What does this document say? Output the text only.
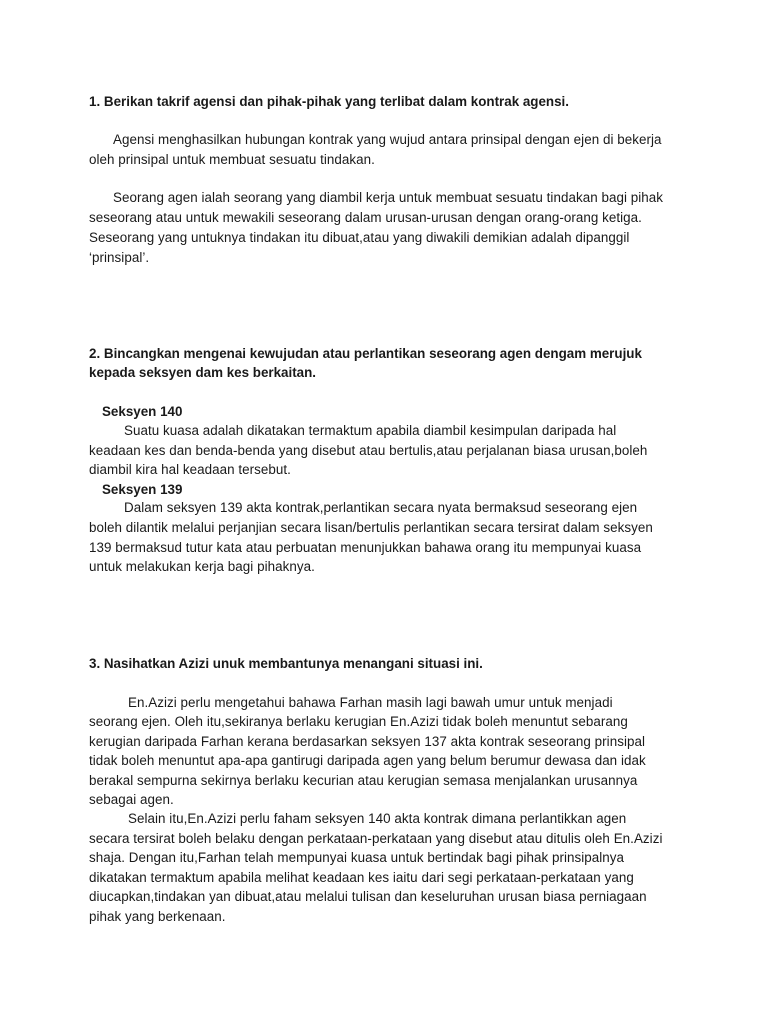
1. Berikan takrif agensi dan pihak-pihak yang terlibat dalam kontrak agensi.
Agensi menghasilkan hubungan kontrak yang wujud antara prinsipal dengan ejen di bekerja
oleh prinsipal untuk membuat sesuatu tindakan.
Seorang agen ialah seorang yang diambil kerja untuk membuat sesuatu tindakan bagi pihak
seseorang atau untuk mewakili seseorang dalam urusan-urusan dengan orang-orang ketiga.
Seseorang yang untuknya tindakan itu dibuat,atau yang diwakili demikian adalah dipanggil
‘prinsipal’.
2. Bincangkan mengenai kewujudan atau perlantikan seseorang agen dengam merujuk
kepada seksyen dam kes berkaitan.
Seksyen 140
Suatu kuasa adalah dikatakan termaktum apabila diambil kesimpulan daripada hal
keadaan kes dan benda-benda yang disebut atau bertulis,atau perjalanan biasa urusan,boleh
diambil kira hal keadaan tersebut.
Seksyen 139
Dalam seksyen 139 akta kontrak,perlantikan secara nyata bermaksud seseorang ejen
boleh dilantik melalui perjanjian secara lisan/bertulis perlantikan secara tersirat dalam seksyen
139 bermaksud tutur kata atau perbuatan menunjukkan bahawa orang itu mempunyai kuasa
untuk melakukan kerja bagi pihaknya.
3. Nasihatkan Azizi unuk membantunya menangani situasi ini.
En.Azizi perlu mengetahui bahawa Farhan masih lagi bawah umur untuk menjadi
seorang ejen. Oleh itu,sekiranya berlaku kerugian En.Azizi tidak boleh menuntut sebarang
kerugian daripada Farhan kerana berdasarkan seksyen 137 akta kontrak seseorang prinsipal
tidak boleh menuntut apa-apa gantirugi daripada agen yang belum berumur dewasa dan idak
berakal sempurna sekirnya berlaku kecurian atau kerugian semasa menjalankan urusannya
sebagai agen.
Selain itu,En.Azizi perlu faham seksyen 140 akta kontrak dimana perlantikkan agen
secara tersirat boleh belaku dengan perkataan-perkataan yang disebut atau ditulis oleh En.Azizi
shaja. Dengan itu,Farhan telah mempunyai kuasa untuk bertindak bagi pihak prinsipalnya
dikatakan termaktum apabila melihat keadaan kes iaitu dari segi perkataan-perkataan yang
diucapkan,tindakan yan dibuat,atau melalui tulisan dan keseluruhan urusan biasa perniagaan
pihak yang berkenaan.
